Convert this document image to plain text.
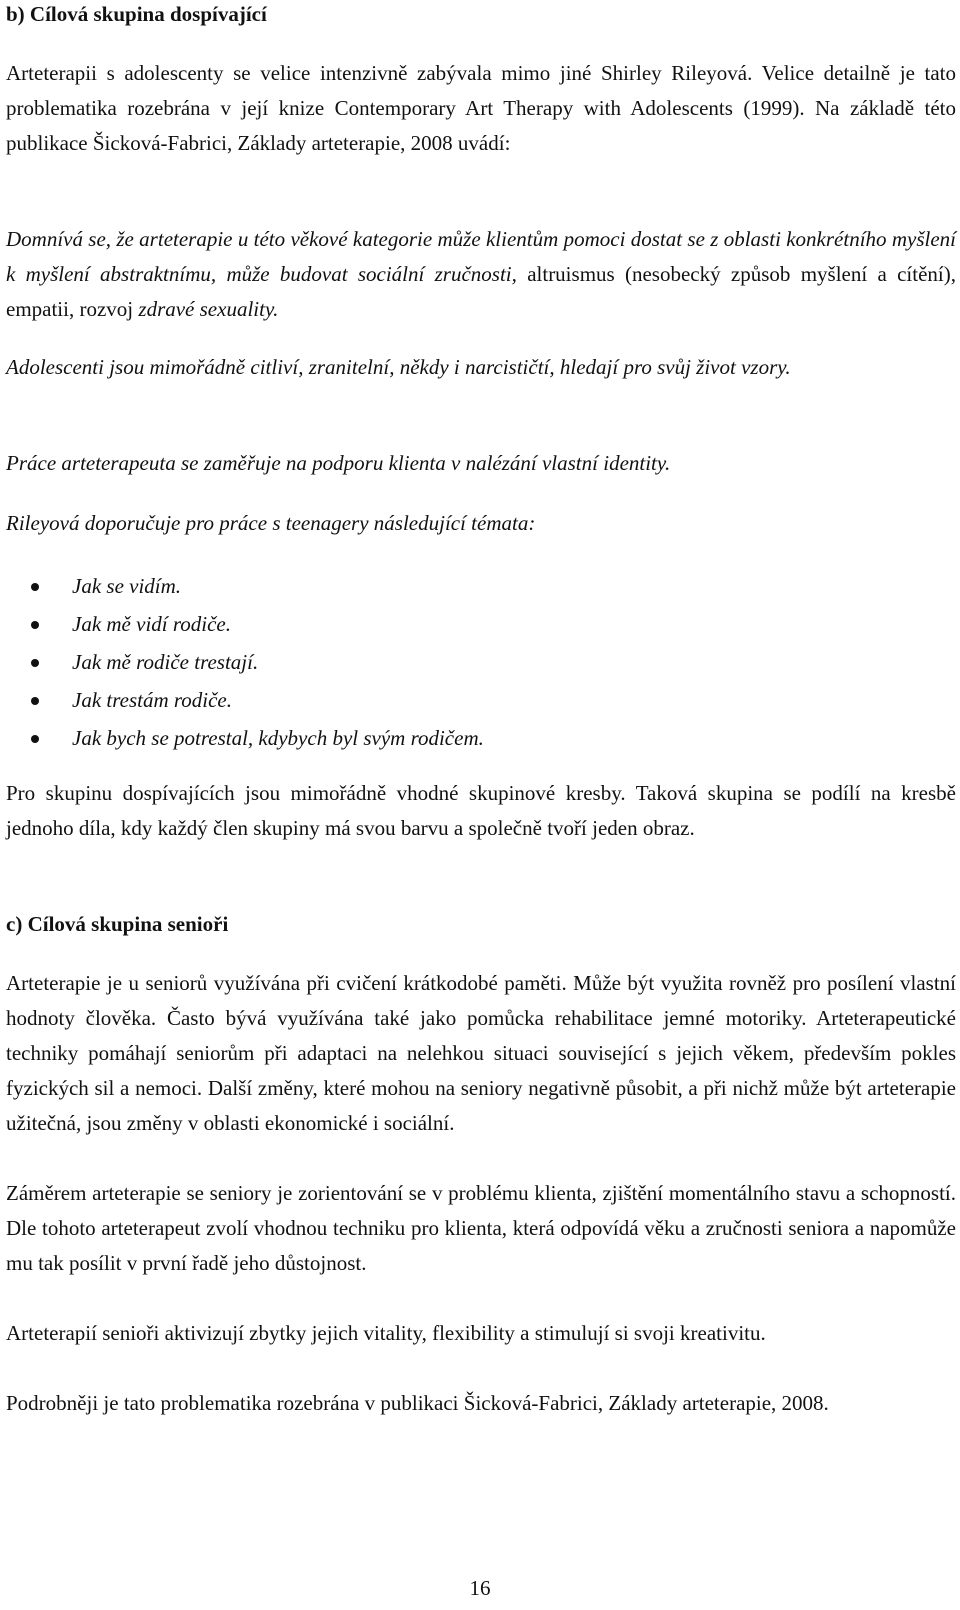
b) Cílová skupina dospívající
Arteterapii s adolescenty se velice intenzivně zabývala mimo jiné Shirley Rileyová. Velice detailně je tato problematika rozebrána v její knize Contemporary Art Therapy with Adolescents (1999). Na základě této publikace Šicková-Fabrici, Základy arteterapie, 2008 uvádí:
Domnívá se, že arteterapie u této věkové kategorie může klientům pomoci dostat se z oblasti konkrétního myšlení k myšlení abstraktnímu, může budovat sociální zručnosti, altruismus (nesobecký způsob myšlení a cítění), empatii, rozvoj zdravé sexuality.
Adolescenti jsou mimořádně citliví, zranitelní, někdy i narcističtí, hledají pro svůj život vzory.
Práce arteterapeuta se zaměřuje na podporu klienta v nalézání vlastní identity.
Rileyová doporučuje pro práce s teenagery následující témata:
Jak se vidím.
Jak mě vidí rodiče.
Jak mě rodiče trestají.
Jak trestám rodiče.
Jak bych se potrestal, kdybych byl svým rodičem.
Pro skupinu dospívajících jsou mimořádně vhodné skupinové kresby. Taková skupina se podílí na kresbě jednoho díla, kdy každý člen skupiny má svou barvu a společně tvoří jeden obraz.
c) Cílová skupina senioři
Arteterapie je u seniorů využívána při cvičení krátkodobé paměti. Může být využita rovněž pro posílení vlastní hodnoty člověka. Často bývá využívána také jako pomůcka rehabilitace jemné motoriky. Arteterapeutické techniky pomáhají seniorům při adaptaci na nelehkou situaci související s jejich věkem, především pokles fyzických sil a nemoci. Další změny, které mohou na seniory negativně působit, a při nichž může být arteterapie užitečná, jsou změny v oblasti ekonomické i sociální.
Záměrem arteterapie se seniory je zorientování se v problému klienta, zjištění momentálního stavu a schopností. Dle tohoto arteterapeut zvolí vhodnou techniku pro klienta, která odpovídá věku a zručnosti seniora a napomůže mu tak posílit v první řadě jeho důstojnost.
Arteterapií senioři aktivizují zbytky jejich vitality, flexibility a stimulují si svoji kreativitu.
Podrobněji je tato problematika rozebrána v publikaci Šicková-Fabrici, Základy arteterapie, 2008.
16
